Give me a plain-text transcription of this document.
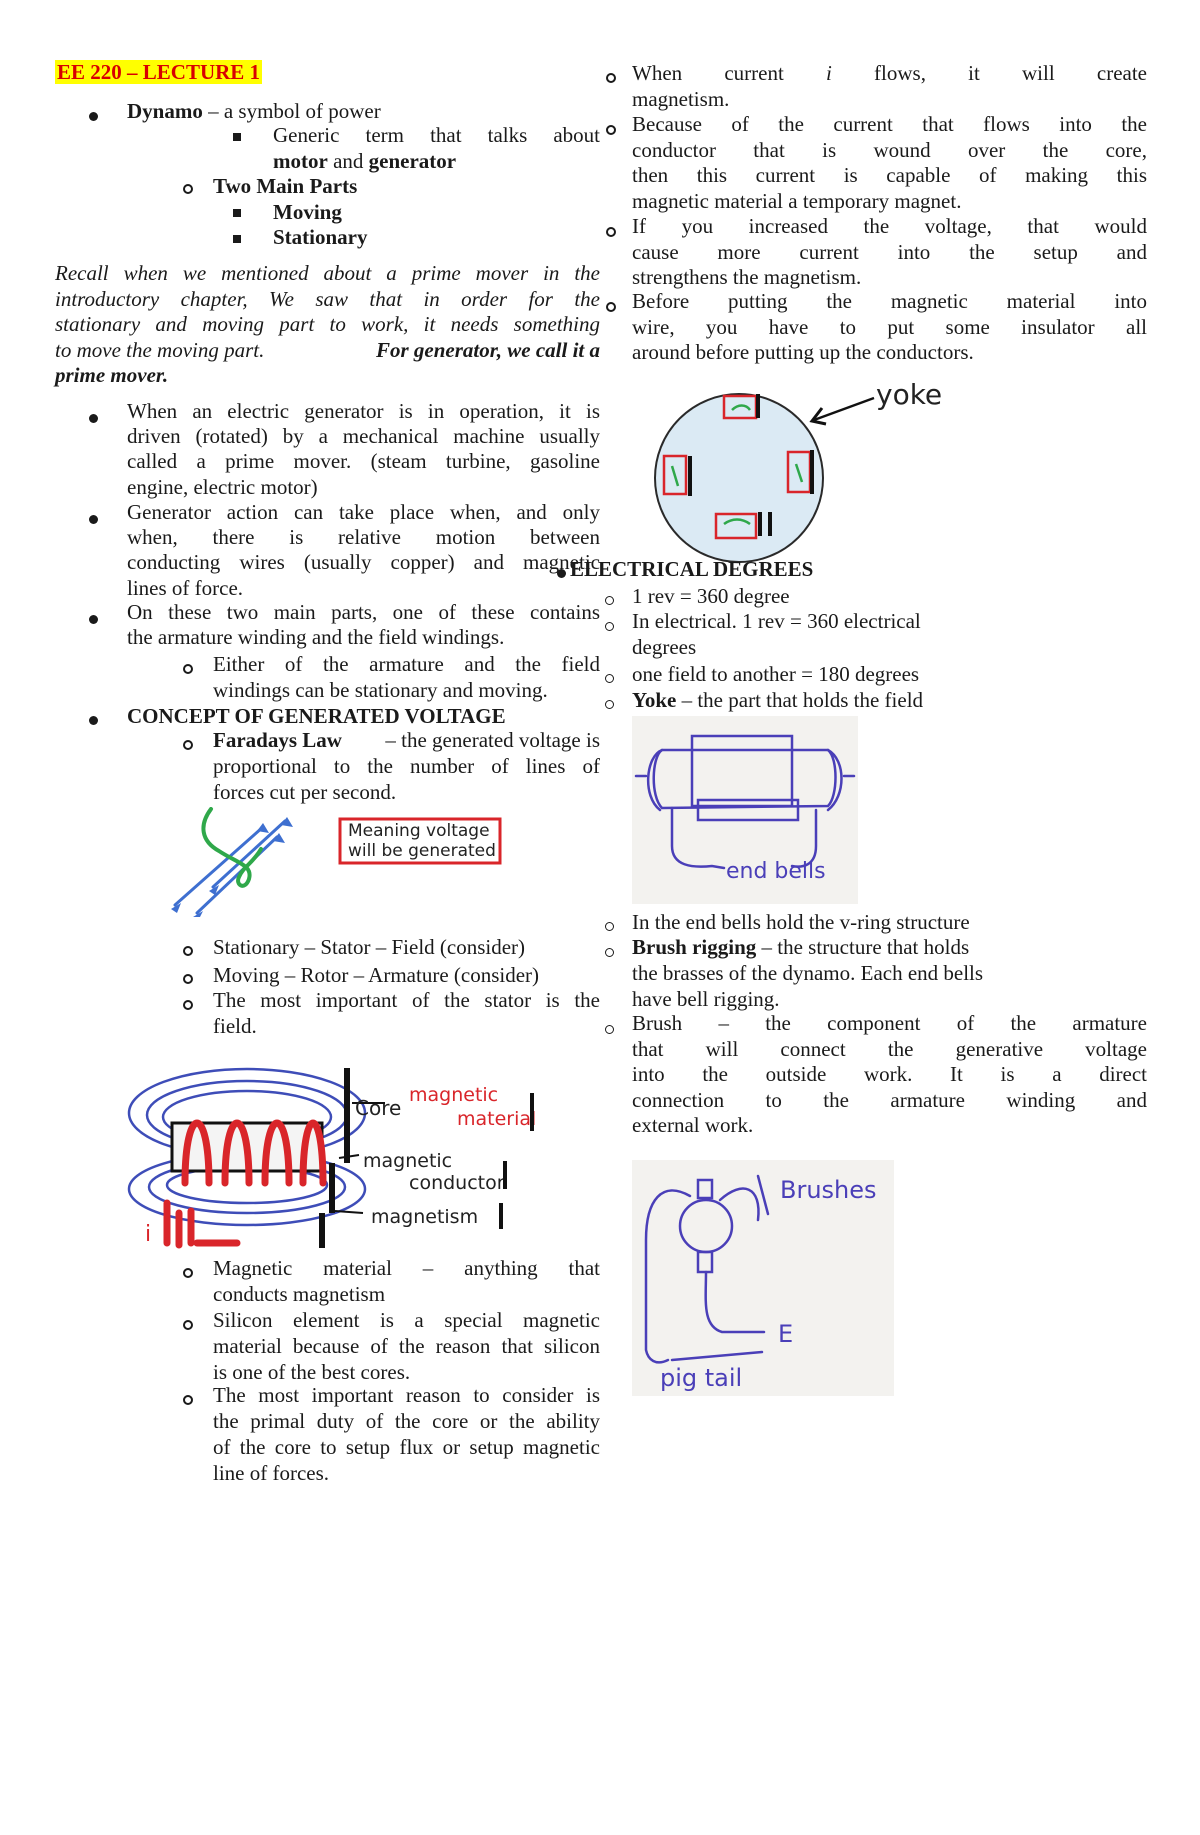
EE 220 – LECTURE 1
Dynamo – a symbol of power
Generic term that talks about
motor and generator
Two Main Parts
Moving
Stationary
Recall when we mentioned about a prime mover in the
introductory chapter, We saw that in order for the
stationary and moving part to work, it needs something
to move the moving part.	For generator, we call it a
prime mover.
When an electric generator is in operation, it is
driven (rotated) by a mechanical machine usually
called a prime mover. (steam turbine, gasoline
engine, electric motor)
Generator action can take place when, and only
when, there is relative motion between
conducting wires (usually copper) and magnetic
lines of force.
On these two main parts, one of these contains
the armature winding and the field windings.
Either of the armature and the field
windings can be stationary and moving.
CONCEPT OF GENERATED VOLTAGE
Faradays Law – the generated voltage is
proportional to the number of lines of
forces cut per second.
Meaning voltage
will be generated
Stationary – Stator – Field (consider)
Moving – Rotor – Armature (consider)
The most important of the stator is the
field.
Core
magnetic
material
magnetic
conductor
magnetism
i
Magnetic material – anything that
conducts magnetism
Silicon element is a special magnetic
material because of the reason that silicon
is one of the best cores.
The most important reason to consider is
the primal duty of the core or the ability
of the core to setup flux or setup magnetic
line of forces.
When current i flows, it will create
magnetism.
Because of the current that flows into the
conductor that is wound over the core,
then this current is capable of making this
magnetic material a temporary magnet.
If you increased the voltage, that would
cause more current into the setup and
strengthens the magnetism.
Before putting the magnetic material into
wire, you have to put some insulator all
around before putting up the conductors.
yoke
ELECTRICAL DEGREES
1 rev = 360 degree
In electrical. 1 rev = 360 electrical
degrees
one field to another = 180 degrees
Yoke – the part that holds the field
end bells
In the end bells hold the v-ring structure
Brush rigging – the structure that holds
the brasses of the dynamo. Each end bells
have bell rigging.
Brush – the component of the armature
that will connect the generative voltage
into the outside work. It is a direct
connection to the armature winding and
external work.
Brushes
E
pig tail
